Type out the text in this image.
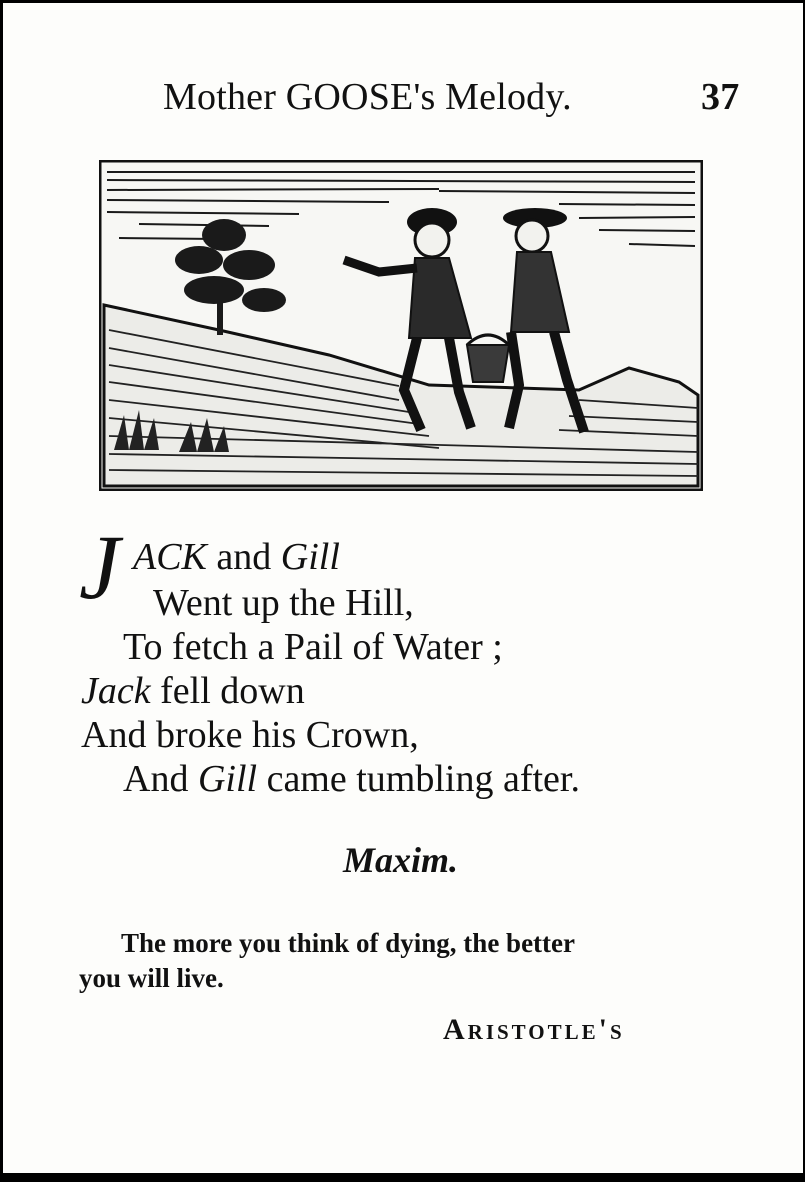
Mother GOOSE's Melody.	37
J ACK and Gill
Went up the Hill,
To fetch a Pail of Water ;
Jack fell down
And broke his Crown,
And Gill came tumbling after.
Maxim.
The more you think of dying, the better
you will live.
Aristotle's
